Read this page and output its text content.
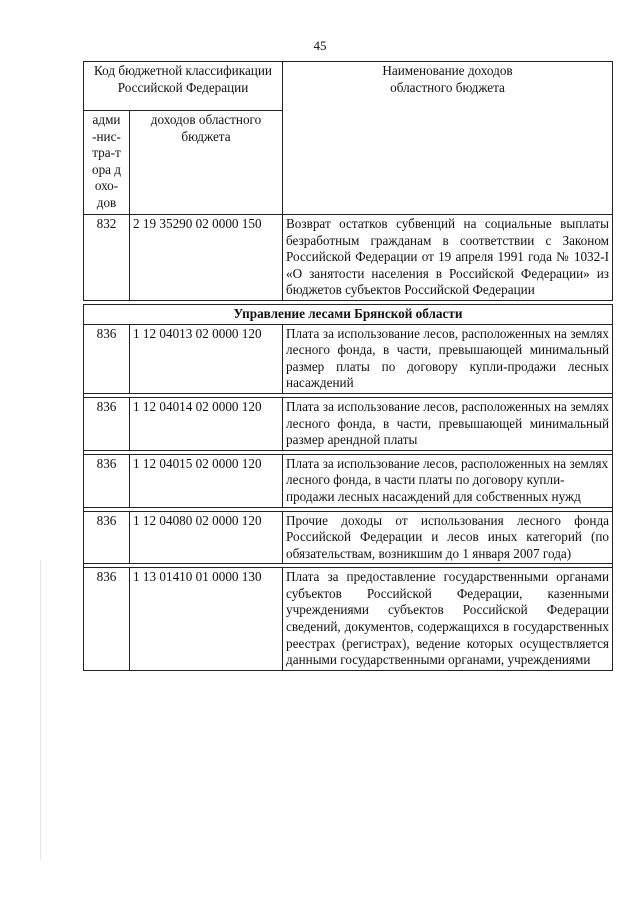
45
Код бюджетной классификации Российской Федерации		Наименование доходов областного бюджета
адми-нис-тра-тора дохо-дов	доходов областного бюджета	
832	2 19 35290 02 0000 150	Возврат остатков субвенций на социальные выплаты безработным гражданам в соответствии с Законом Российской Федерации от 19 апреля 1991 года № 1032-I «О занятости населения в Российской Федерации» из бюджетов субъектов Российской Федерации

Управление лесами Брянской области		
836	1 12 04013 02 0000 120	Плата за использование лесов, расположенных на землях лесного фонда, в части, превышающей минимальный размер платы по договору купли-продажи лесных насаждений

836	1 12 04014 02 0000 120	Плата за использование лесов, расположенных на землях лесного фонда, в части, превышающей минимальный размер арендной платы

836	1 12 04015 02 0000 120	Плата за использование лесов, расположенных на землях лесного фонда, в части платы по договору купли-продажи лесных насаждений для собственных нужд

836	1 12 04080 02 0000 120	Прочие доходы от использования лесного фонда Российской Федерации и лесов иных категорий (по обязательствам, возникшим до 1 января 2007 года)

836	1 13 01410 01 0000 130	Плата за предоставление государственными органами субъектов Российской Федерации, казенными учреждениями субъектов Российской Федерации сведений, документов, содержащихся в государственных реестрах (регистрах), ведение которых осуществляется данными государственными органами, учреждениями
